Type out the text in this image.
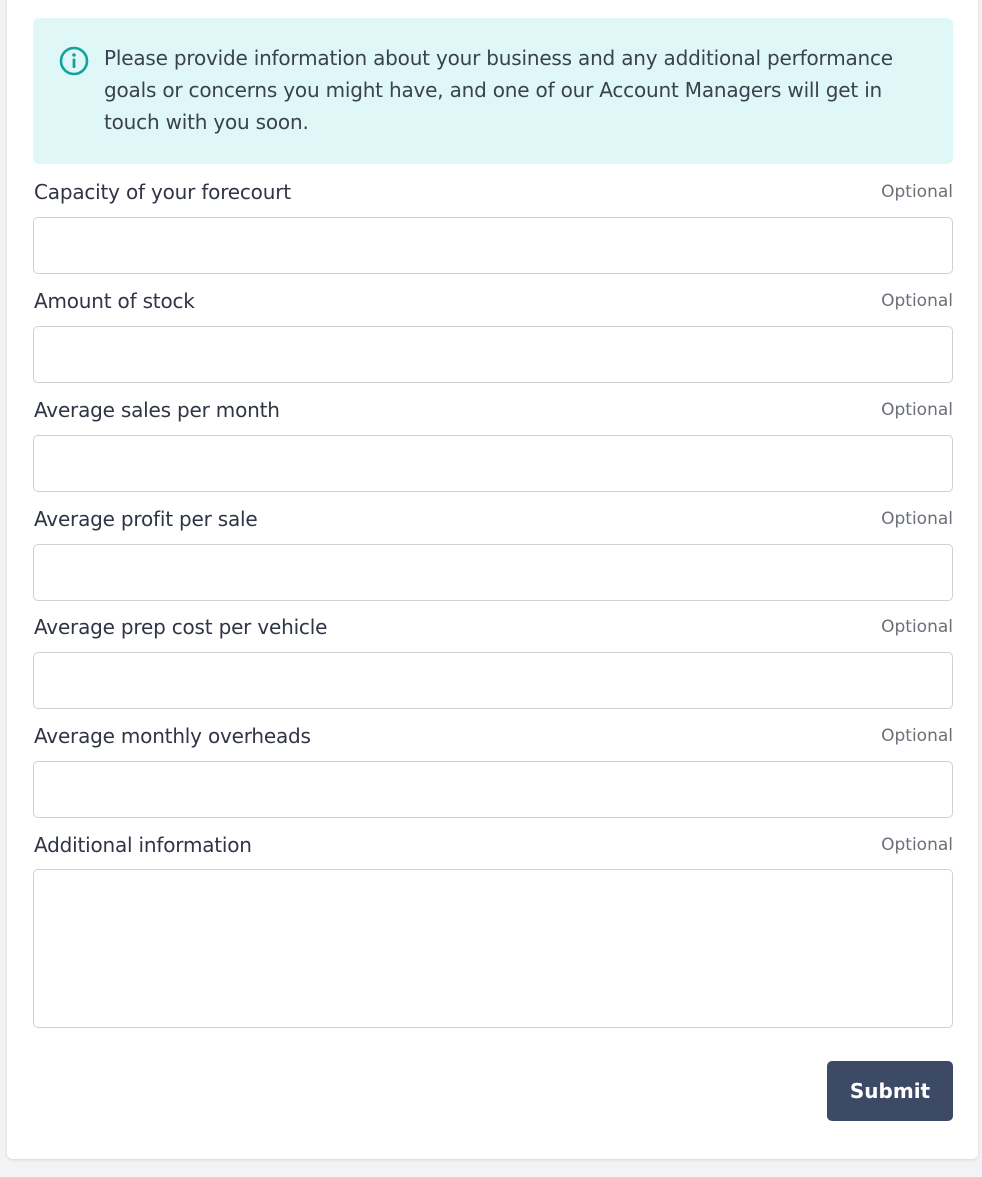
Please provide information about your business and any additional performance goals or concerns you might have, and one of our Account Managers will get in touch with you soon.

Capacity of your forecourt	Optional
Amount of stock	Optional
Average sales per month	Optional
Average profit per sale	Optional
Average prep cost per vehicle	Optional
Average monthly overheads	Optional
Additional information	Optional
Submit
